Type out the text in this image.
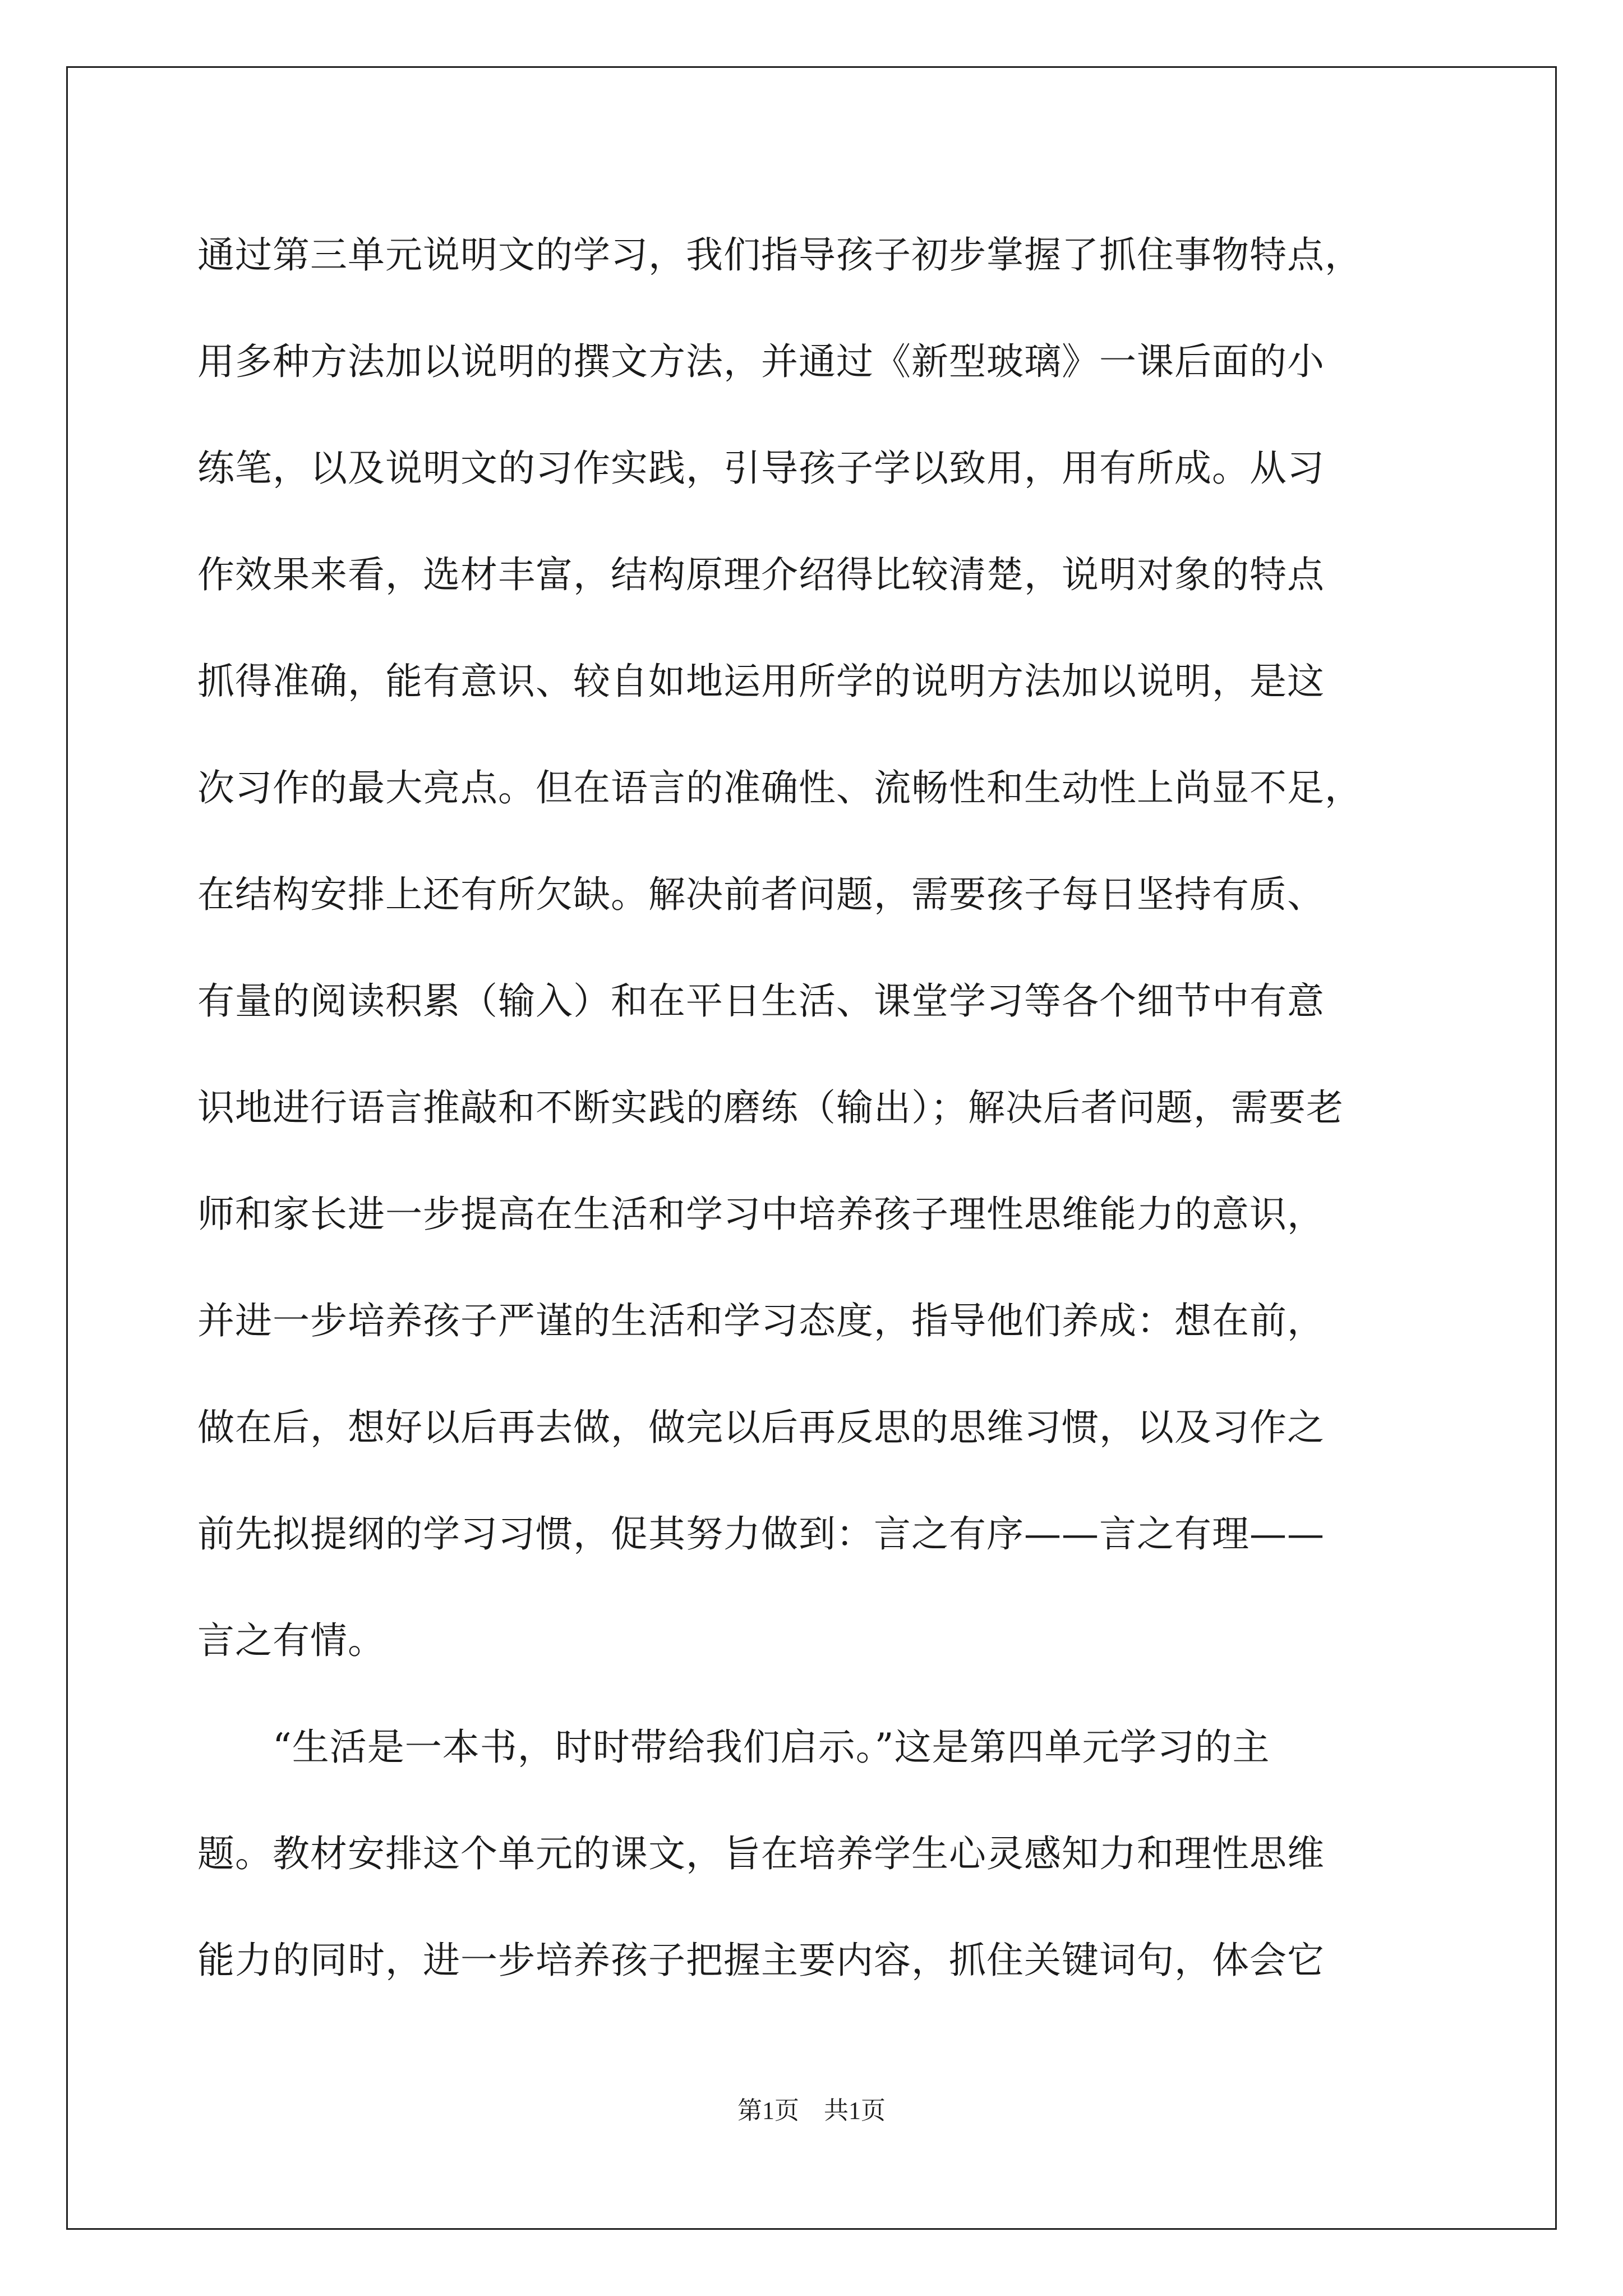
通过第三单元说明文的学习，我们指导孩子初步掌握了抓住事物特点，
用多种方法加以说明的撰文方法，并通过《新型玻璃》一课后面的小
练笔，以及说明文的习作实践，引导孩子学以致用，用有所成。从习
作效果来看，选材丰富，结构原理介绍得比较清楚，说明对象的特点
抓得准确，能有意识、较自如地运用所学的说明方法加以说明，是这
次习作的最大亮点。但在语言的准确性、流畅性和生动性上尚显不足，
在结构安排上还有所欠缺。解决前者问题，需要孩子每日坚持有质、
有量的阅读积累（输入）和在平日生活、课堂学习等各个细节中有意
识地进行语言推敲和不断实践的磨练（输出）；解决后者问题，需要老
师和家长进一步提高在生活和学习中培养孩子理性思维能力的意识，
并进一步培养孩子严谨的生活和学习态度，指导他们养成：想在前，
做在后，想好以后再去做，做完以后再反思的思维习惯，以及习作之
前先拟提纲的学习习惯，促其努力做到：言之有序——言之有理——
言之有情。
　　“生活是一本书，时时带给我们启示。”这是第四单元学习的主
题。教材安排这个单元的课文，旨在培养学生心灵感知力和理性思维
能力的同时，进一步培养孩子把握主要内容，抓住关键词句，体会它
第1页　共1页
